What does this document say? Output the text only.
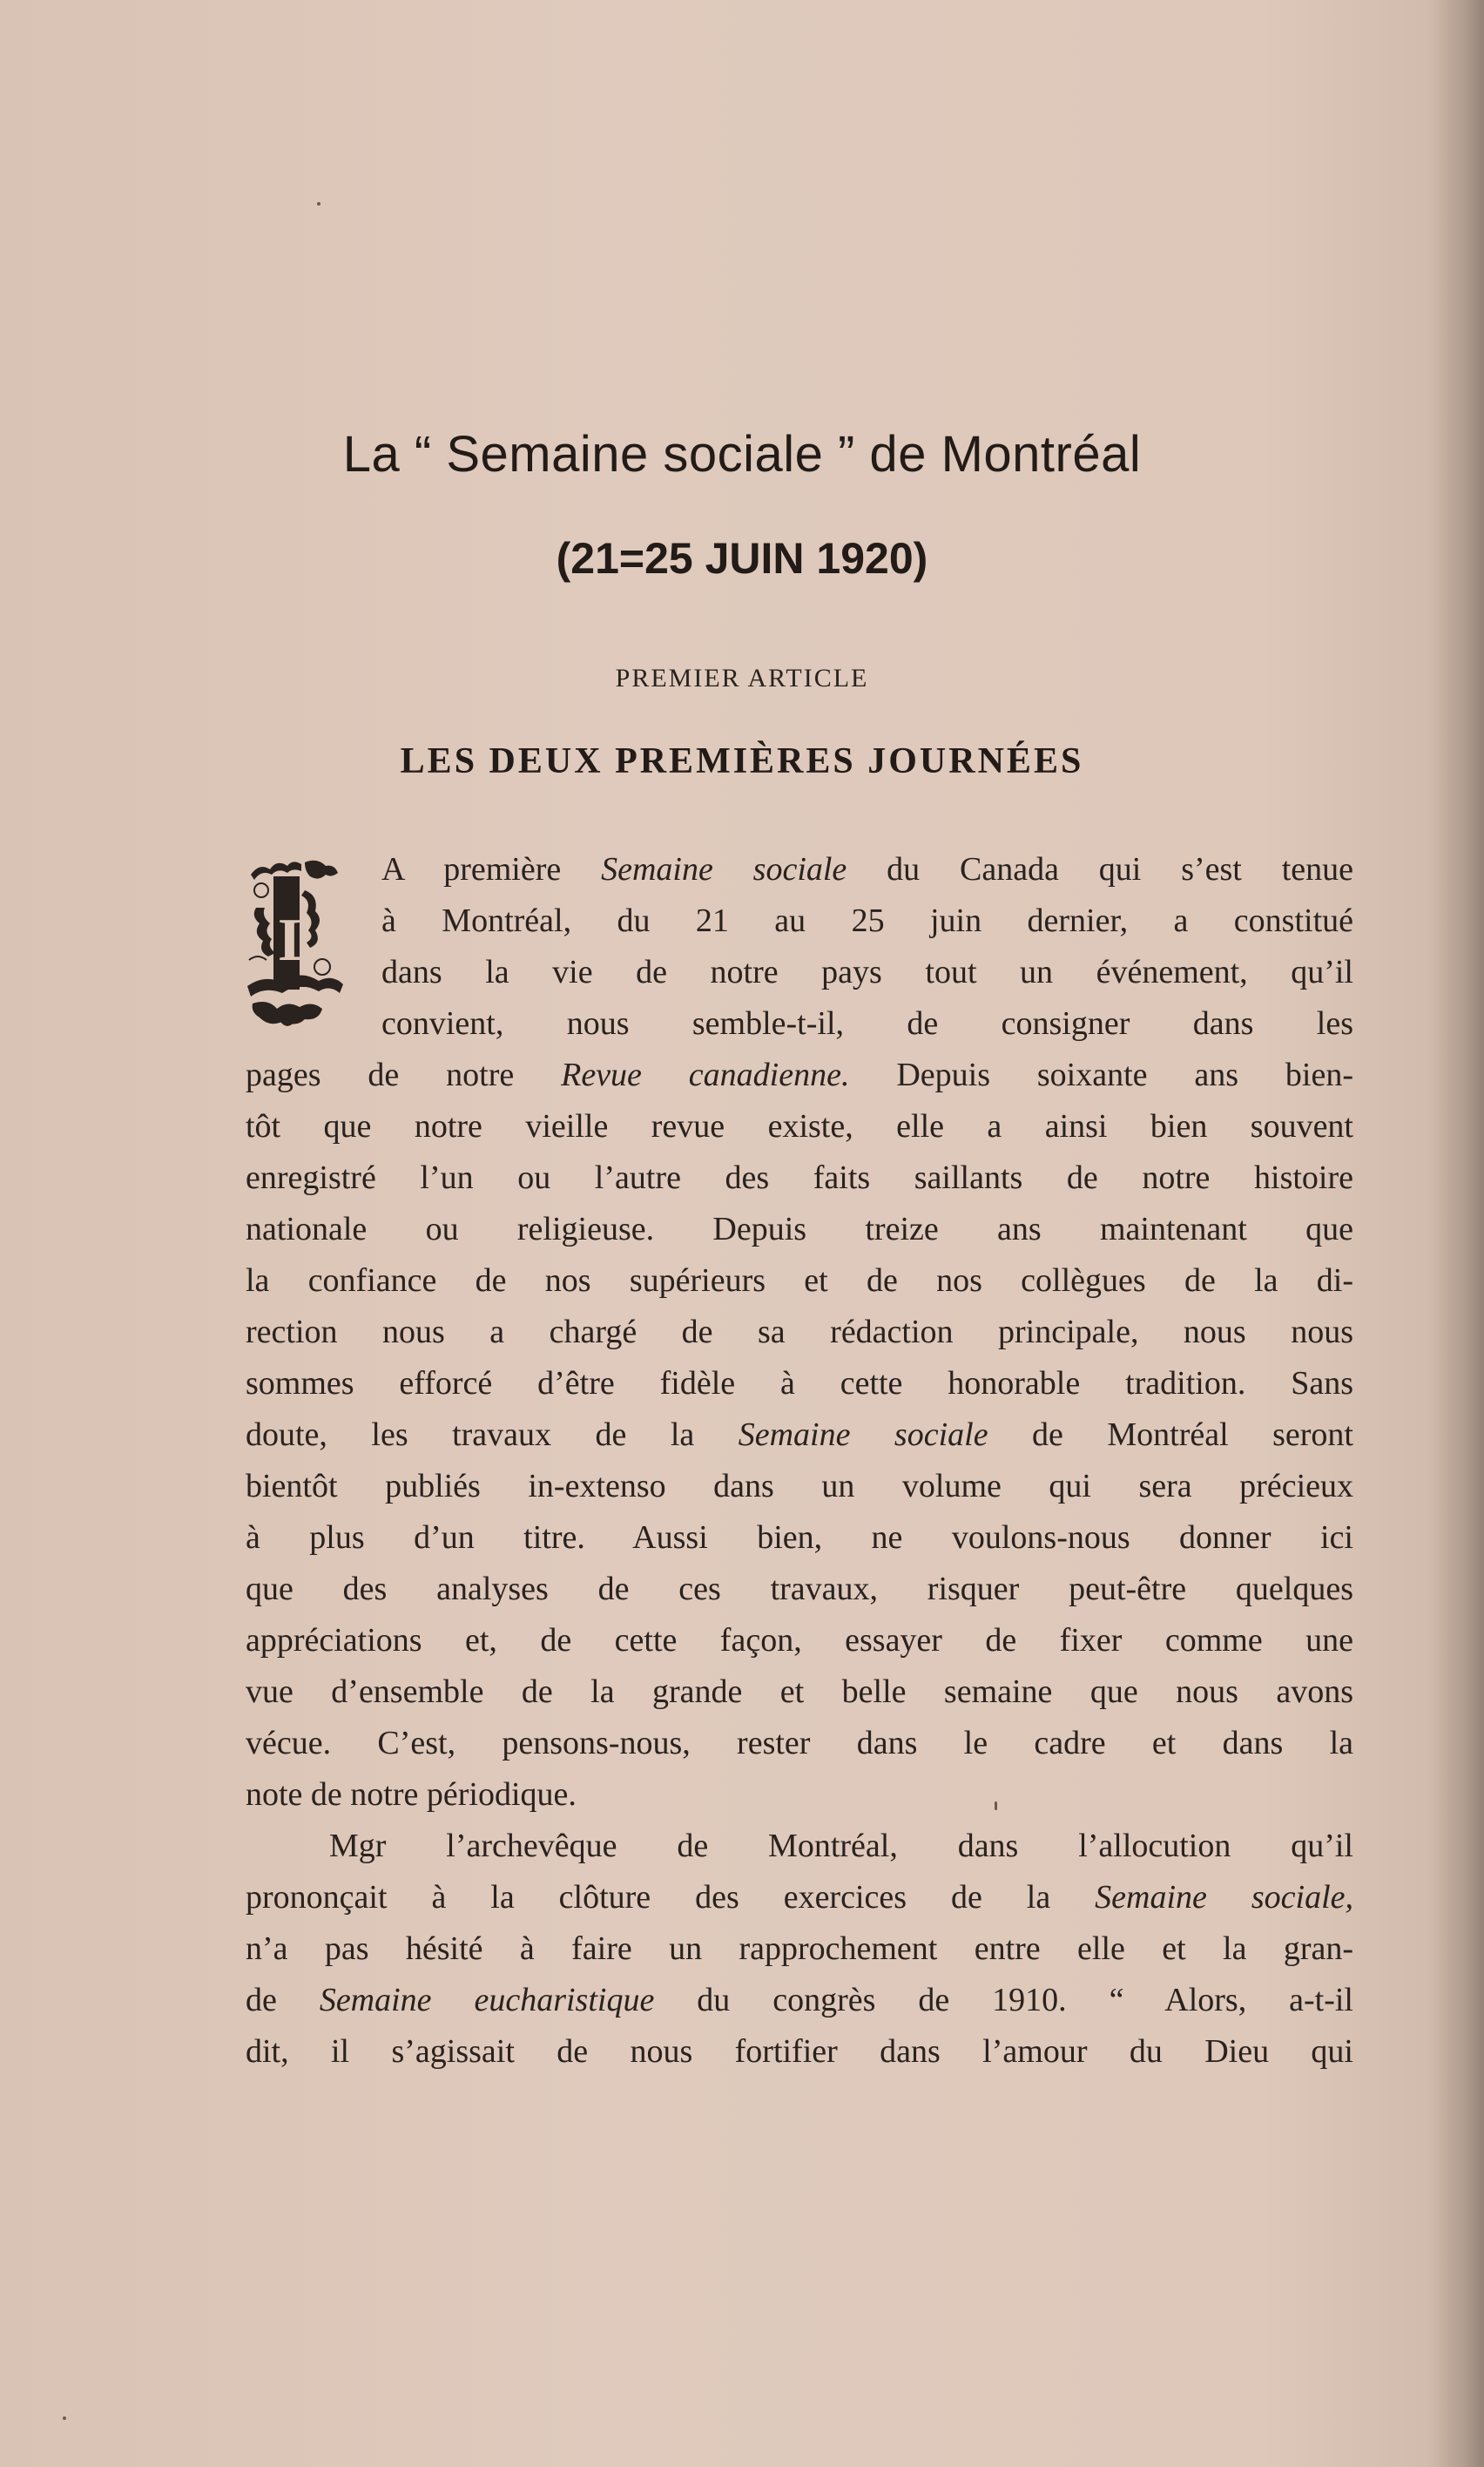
La “ Semaine sociale ” de Montréal
(21=25 JUIN 1920)
PREMIER ARTICLE
LES DEUX PREMIÈRES JOURNÉES
L
A première Semaine sociale du Canada qui s’est tenue
à Montréal, du 21 au 25 juin dernier, a constitué
dans la vie de notre pays tout un événement, qu’il
convient, nous semble-t-il, de consigner dans les
pages de notre Revue canadienne. Depuis soixante ans bien-
tôt que notre vieille revue existe, elle a ainsi bien souvent
enregistré l’un ou l’autre des faits saillants de notre histoire
nationale ou religieuse. Depuis treize ans maintenant que
la confiance de nos supérieurs et de nos collègues de la di-
rection nous a chargé de sa rédaction principale, nous nous
sommes efforcé d’être fidèle à cette honorable tradition. Sans
doute, les travaux de la Semaine sociale de Montréal seront
bientôt publiés in-extenso dans un volume qui sera précieux
à plus d’un titre. Aussi bien, ne voulons-nous donner ici
que des analyses de ces travaux, risquer peut-être quelques
appréciations et, de cette façon, essayer de fixer comme une
vue d’ensemble de la grande et belle semaine que nous avons
vécue. C’est, pensons-nous, rester dans le cadre et dans la
note de notre périodique.
Mgr l’archevêque de Montréal, dans l’allocution qu’il
prononçait à la clôture des exercices de la Semaine sociale,
n’a pas hésité à faire un rapprochement entre elle et la gran-
de Semaine eucharistique du congrès de 1910. “ Alors, a-t-il
dit, il s’agissait de nous fortifier dans l’amour du Dieu qui
